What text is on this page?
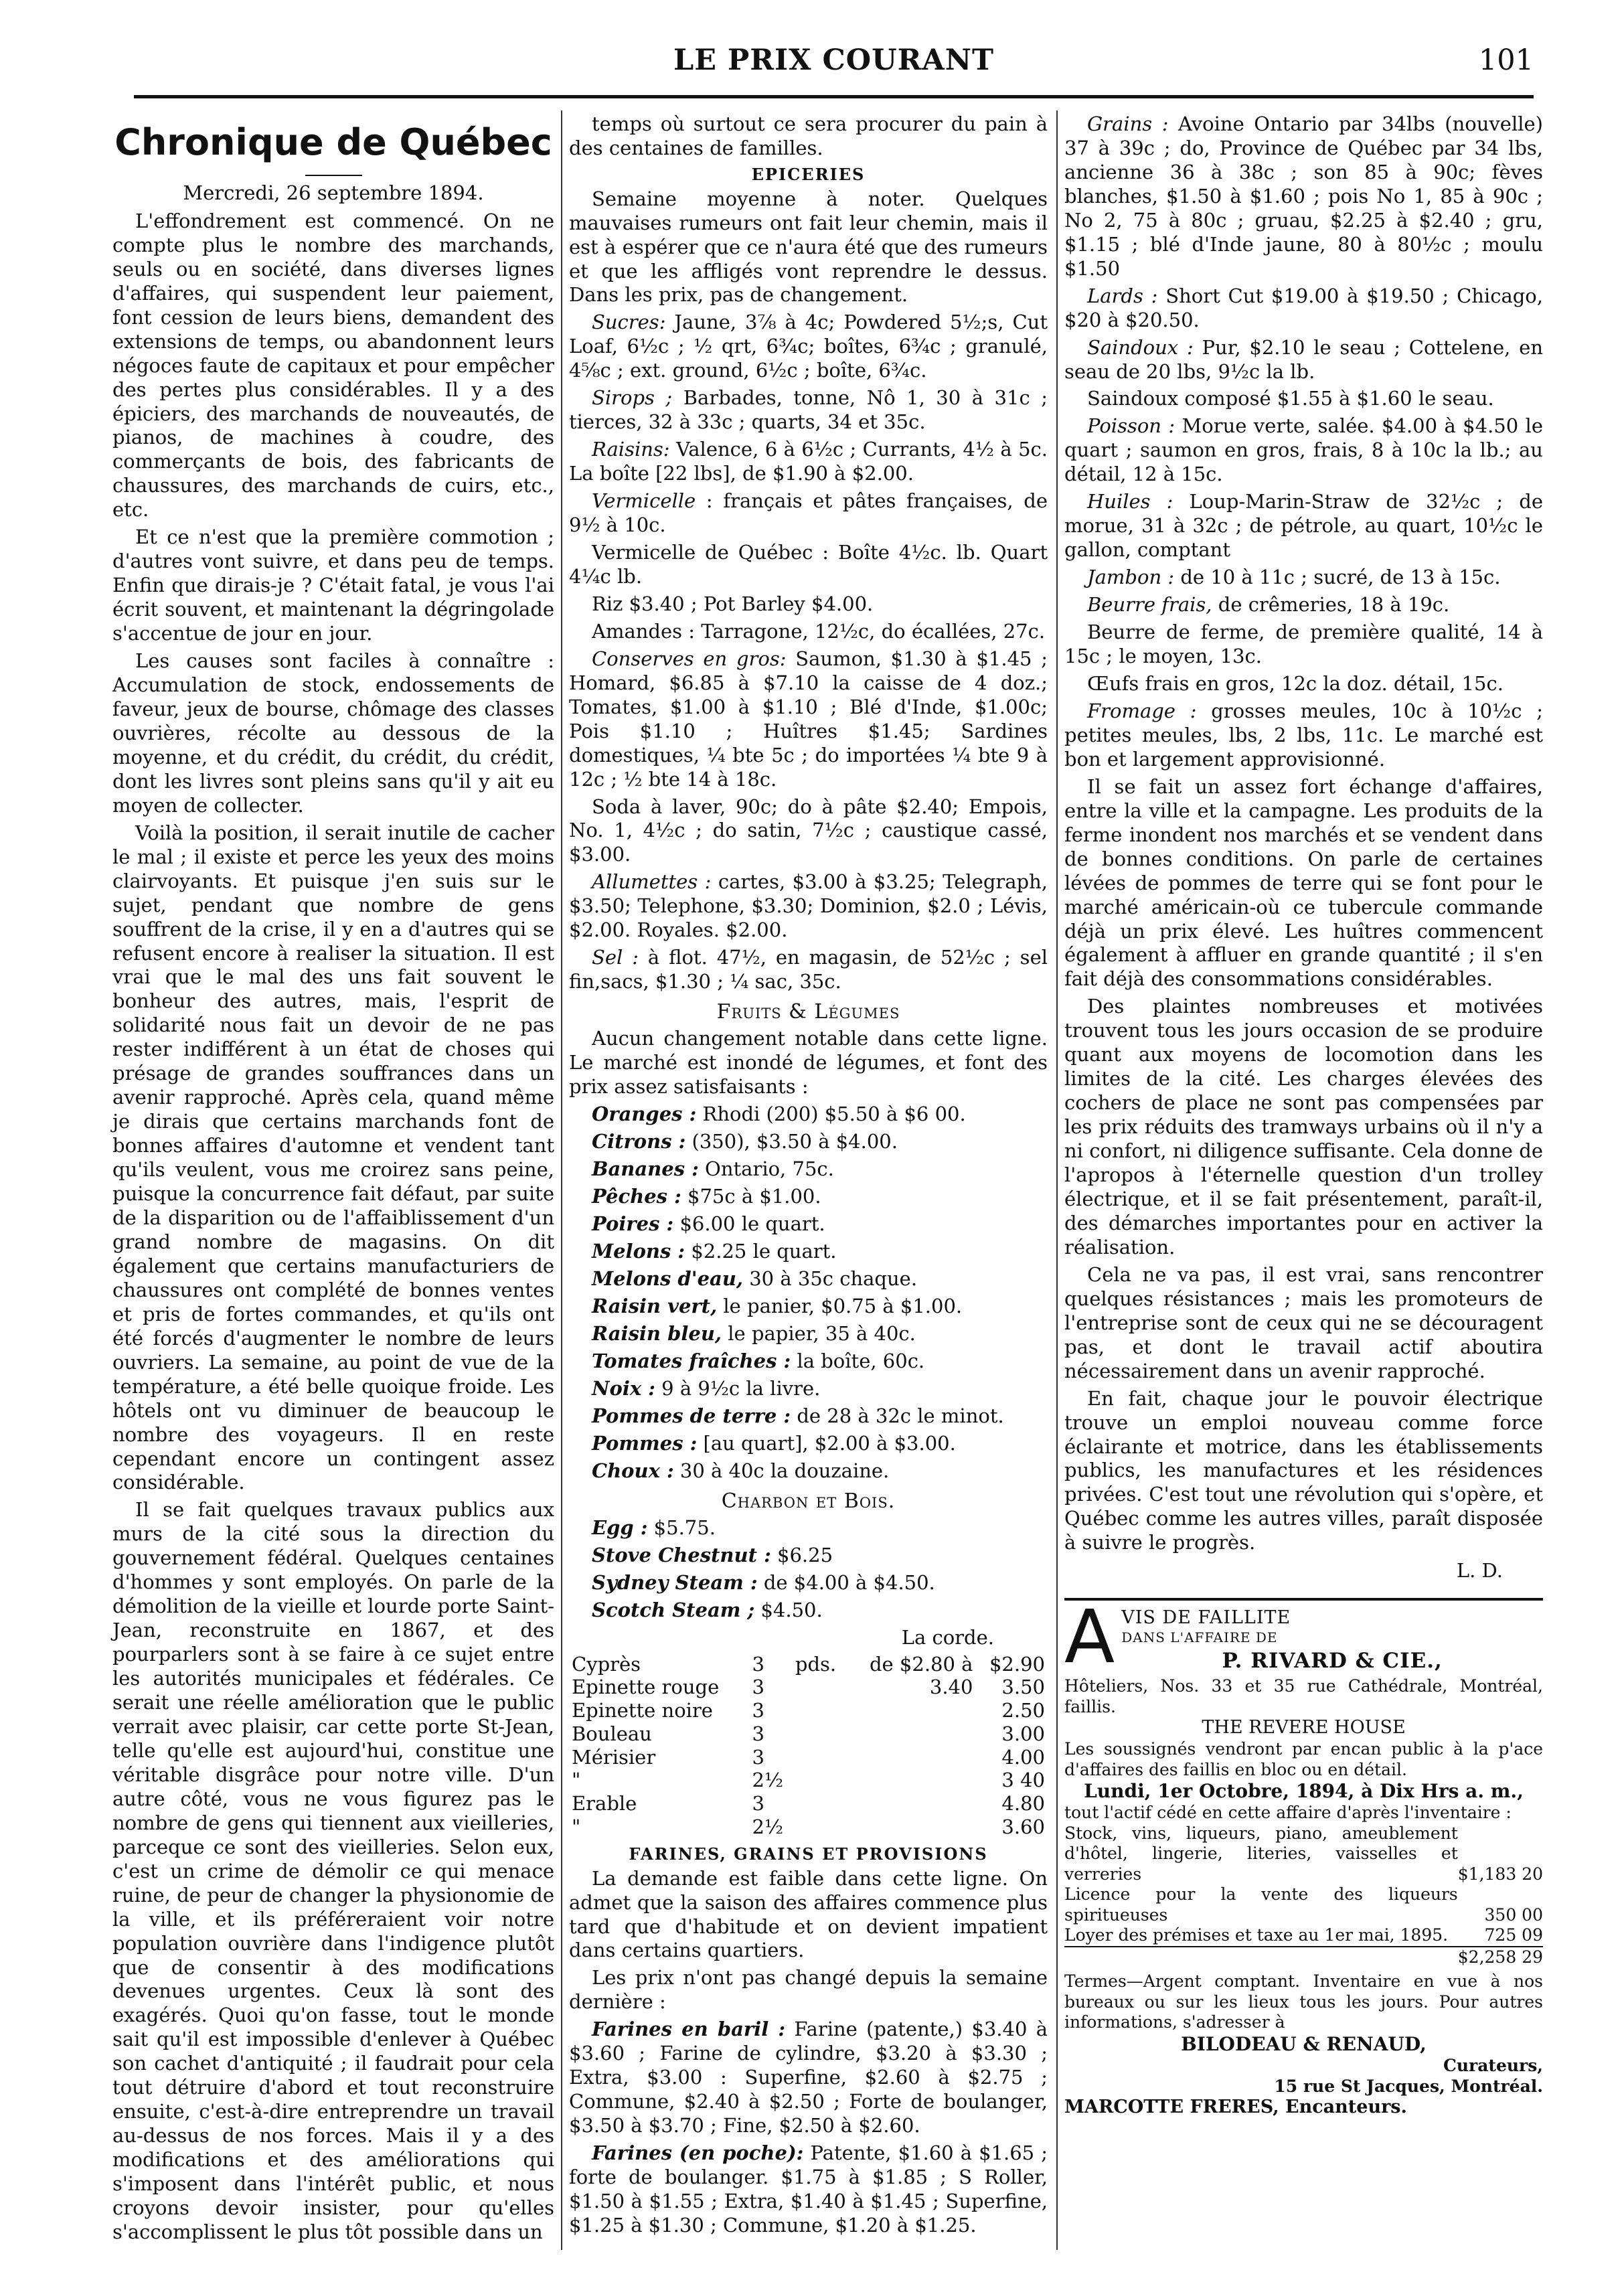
LE PRIX COURANT	101
Chronique de Québec
Mercredi, 26 septembre 1894.

L'effondrement est commencé. On ne compte plus le nombre des marchands, seuls ou en société, dans diverses lignes d'affaires, qui suspendent leur paiement, font cession de leurs biens, demandent des extensions de temps, ou abandonnent leurs négoces faute de capitaux et pour empêcher des pertes plus considérables. Il y a des épiciers, des marchands de nouveautés, de pianos, de machines à coudre, des commerçants de bois, des fabricants de chaussures, des marchands de cuirs, etc., etc.

Et ce n'est que la première commotion ; d'autres vont suivre, et dans peu de temps. Enfin que dirais-je ? C'était fatal, je vous l'ai écrit souvent, et maintenant la dégringolade s'accentue de jour en jour.

Les causes sont faciles à connaître : Accumulation de stock, endossements de faveur, jeux de bourse, chômage des classes ouvrières, récolte au dessous de la moyenne, et du crédit, du crédit, du crédit, dont les livres sont pleins sans qu'il y ait eu moyen de collecter.

Voilà la position, il serait inutile de cacher le mal ; il existe et perce les yeux des moins clairvoyants. Et puisque j'en suis sur le sujet, pendant que nombre de gens souffrent de la crise, il y en a d'autres qui se refusent encore à realiser la situation. Il est vrai que le mal des uns fait souvent le bonheur des autres, mais, l'esprit de solidarité nous fait un devoir de ne pas rester indifférent à un état de choses qui présage de grandes souffrances dans un avenir rapproché. Après cela, quand même je dirais que certains marchands font de bonnes affaires d'automne et vendent tant qu'ils veulent, vous me croirez sans peine, puisque la concurrence fait défaut, par suite de la disparition ou de l'affaiblissement d'un grand nombre de magasins. On dit également que certains manufacturiers de chaussures ont complété de bonnes ventes et pris de fortes commandes, et qu'ils ont été forcés d'augmenter le nombre de leurs ouvriers. La semaine, au point de vue de la température, a été belle quoique froide. Les hôtels ont vu diminuer de beaucoup le nombre des voyageurs. Il en reste cependant encore un contingent assez considérable.

Il se fait quelques travaux publics aux murs de la cité sous la direction du gouvernement fédéral. Quelques centaines d'hommes y sont employés. On parle de la démolition de la vieille et lourde porte Saint-Jean, reconstruite en 1867, et des pourparlers sont à se faire à ce sujet entre les autorités municipales et fédérales. Ce serait une réelle amélioration que le public verrait avec plaisir, car cette porte St-Jean, telle qu'elle est aujourd'hui, constitue une véritable disgrâce pour notre ville. D'un autre côté, vous ne vous figurez pas le nombre de gens qui tiennent aux vieilleries, parceque ce sont des vieilleries. Selon eux, c'est un crime de démolir ce qui menace ruine, de peur de changer la physionomie de la ville, et ils préféreraient voir notre population ouvrière dans l'indigence plutôt que de consentir à des modifications devenues urgentes. Ceux là sont des exagérés. Quoi qu'on fasse, tout le monde sait qu'il est impossible d'enlever à Québec son cachet d'antiquité ; il faudrait pour cela tout détruire d'abord et tout reconstruire ensuite, c'est-à-dire entreprendre un travail au-dessus de nos forces. Mais il y a des modifications et des améliorations qui s'imposent dans l'intérêt public, et nous croyons devoir insister, pour qu'elles s'accomplissent le plus tôt possible dans un

temps où surtout ce sera procurer du pain à des centaines de familles.

EPICERIES

Semaine moyenne à noter. Quelques mauvaises rumeurs ont fait leur chemin, mais il est à espérer que ce n'aura été que des rumeurs et que les affligés vont reprendre le dessus. Dans les prix, pas de changement.

Sucres: Jaune, 3⅞ à 4c; Powdered 5½;s, Cut Loaf, 6½c ; ½ qrt, 6¾c; boîtes, 6¾c ; granulé, 4⅝c ; ext. ground, 6½c ; boîte, 6¾c.

Sirops ; Barbades, tonne, Nô 1, 30 à 31c ; tierces, 32 à 33c ; quarts, 34 et 35c.

Raisins: Valence, 6 à 6½c ; Currants, 4½ à 5c. La boîte [22 lbs], de $1.90 à $2.00.

Vermicelle : français et pâtes françaises, de 9½ à 10c.

Vermicelle de Québec : Boîte 4½c. lb. Quart 4¼c lb.

Riz $3.40 ; Pot Barley $4.00.

Amandes : Tarragone, 12½c, do écallées, 27c.

Conserves en gros: Saumon, $1.30 à $1.45 ; Homard, $6.85 à $7.10 la caisse de 4 doz.; Tomates, $1.00 à $1.10 ; Blé d'Inde, $1.00c; Pois $1.10 ; Huîtres $1.45; Sardines domestiques, ¼ bte 5c ; do importées ¼ bte 9 à 12c ; ½ bte 14 à 18c.

Soda à laver, 90c; do à pâte $2.40; Empois, No. 1, 4½c ; do satin, 7½c ; caustique cassé, $3.00.

Allumettes : cartes, $3.00 à $3.25; Telegraph, $3.50; Telephone, $3.30; Dominion, $2.0 ; Lévis, $2.00. Royales. $2.00.

Sel : à flot. 47½, en magasin, de 52½c ; sel fin,sacs, $1.30 ; ¼ sac, 35c.

Fruits & Légumes

Aucun changement notable dans cette ligne. Le marché est inondé de légumes, et font des prix assez satisfaisants :

Oranges : Rhodi (200) $5.50 à $6 00.

Citrons : (350), $3.50 à $4.00.

Bananes : Ontario, 75c.

Pêches : $75c à $1.00.

Poires : $6.00 le quart.

Melons : $2.25 le quart.

Melons d'eau, 30 à 35c chaque.

Raisin vert, le panier, $0.75 à $1.00.

Raisin bleu, le papier, 35 à 40c.

Tomates fraîches : la boîte, 60c.

Noix : 9 à 9½c la livre.

Pommes de terre : de 28 à 32c le minot.

Pommes : [au quart], $2.00 à $3.00.

Choux : 30 à 40c la douzaine.

Charbon et Bois.

Egg : $5.75.

Stove Chestnut : $6.25

Sydney Steam : de $4.00 à $4.50.

Scotch Steam ; $4.50.

La corde.
Cyprès	3	pds.	de $2.80 à	$2.90
Epinette rouge	3		3.40	3.50
Epinette noire	3			2.50
Bouleau	3			3.00
Mérisier	3			4.00
"	2½			3 40
Erable	3			4.80
"	2½			3.60
FARINES, GRAINS ET PROVISIONS

La demande est faible dans cette ligne. On admet que la saison des affaires commence plus tard que d'habitude et on devient impatient dans certains quartiers.

Les prix n'ont pas changé depuis la semaine dernière :

Farines en baril : Farine (patente,) $3.40 à $3.60 ; Farine de cylindre, $3.20 à $3.30 ; Extra, $3.00 : Superfine, $2.60 à $2.75 ; Commune, $2.40 à $2.50 ; Forte de boulanger, $3.50 à $3.70 ; Fine, $2.50 à $2.60.

Farines (en poche): Patente, $1.60 à $1.65 ; forte de boulanger. $1.75 à $1.85 ; S Roller, $1.50 à $1.55 ; Extra, $1.40 à $1.45 ; Superfine, $1.25 à $1.30 ; Commune, $1.20 à $1.25.

Grains : Avoine Ontario par 34lbs (nouvelle) 37 à 39c ; do, Province de Québec par 34 lbs, ancienne 36 à 38c ; son 85 à 90c; fèves blanches, $1.50 à $1.60 ; pois No 1, 85 à 90c ; No 2, 75 à 80c ; gruau, $2.25 à $2.40 ; gru, $1.15 ; blé d'Inde jaune, 80 à 80½c ; moulu $1.50

Lards : Short Cut $19.00 à $19.50 ; Chicago, $20 à $20.50.

Saindoux : Pur, $2.10 le seau ; Cottelene, en seau de 20 lbs, 9½c la lb.

Saindoux composé $1.55 à $1.60 le seau.

Poisson : Morue verte, salée. $4.00 à $4.50 le quart ; saumon en gros, frais, 8 à 10c la lb.; au détail, 12 à 15c.

Huiles : Loup-Marin-Straw de 32½c ; de morue, 31 à 32c ; de pétrole, au quart, 10½c le gallon, comptant

Jambon : de 10 à 11c ; sucré, de 13 à 15c.

Beurre frais, de crêmeries, 18 à 19c.

Beurre de ferme, de première qualité, 14 à 15c ; le moyen, 13c.

Œufs frais en gros, 12c la doz. détail, 15c.

Fromage : grosses meules, 10c à 10½c ; petites meules, lbs, 2 lbs, 11c. Le marché est bon et largement approvisionné.

Il se fait un assez fort échange d'affaires, entre la ville et la campagne. Les produits de la ferme inondent nos marchés et se vendent dans de bonnes conditions. On parle de certaines lévées de pommes de terre qui se font pour le marché américain-où ce tubercule commande déjà un prix élevé. Les huîtres commencent également à affluer en grande quantité ; il s'en fait déjà des consommations considérables.

Des plaintes nombreuses et motivées trouvent tous les jours occasion de se produire quant aux moyens de locomotion dans les limites de la cité. Les charges élevées des cochers de place ne sont pas compensées par les prix réduits des tramways urbains où il n'y a ni confort, ni diligence suffisante. Cela donne de l'apropos à l'éternelle question d'un trolley électrique, et il se fait présentement, paraît-il, des démarches importantes pour en activer la réalisation.

Cela ne va pas, il est vrai, sans rencontrer quelques résistances ; mais les promoteurs de l'entreprise sont de ceux qui ne se découragent pas, et dont le travail actif aboutira nécessairement dans un avenir rapproché.

En fait, chaque jour le pouvoir électrique trouve un emploi nouveau comme force éclairante et motrice, dans les établissements publics, les manufactures et les résidences privées. C'est tout une révolution qui s'opère, et Québec comme les autres villes, paraît disposée à suivre le progrès.

L. D.
A VIS DE FAILLITE
DANS L'AFFAIRE DE
P. RIVARD & CIE.,
Hôteliers, Nos. 33 et 35 rue Cathédrale, Montréal, faillis.
THE REVERE HOUSE
Les soussignés vendront par encan public à la p'ace d'affaires des faillis en bloc ou en détail.
Lundi, 1er Octobre, 1894, à Dix Hrs a. m.,
tout l'actif cédé en cette affaire d'après l'inventaire :
Stock, vins, liqueurs, piano, ameublement d'hôtel, lingerie, literies, vaisselles et verreries	$1,183 20
Licence pour la vente des liqueurs spiritueuses	350 00
Loyer des prémises et taxe au 1er mai, 1895.	725 09
$2,258 29
Termes—Argent comptant. Inventaire en vue à nos bureaux ou sur les lieux tous les jours. Pour autres informations, s'adresser à
BILODEAU & RENAUD,
Curateurs,
15 rue St Jacques, Montréal.
MARCOTTE FRERES, Encanteurs.
